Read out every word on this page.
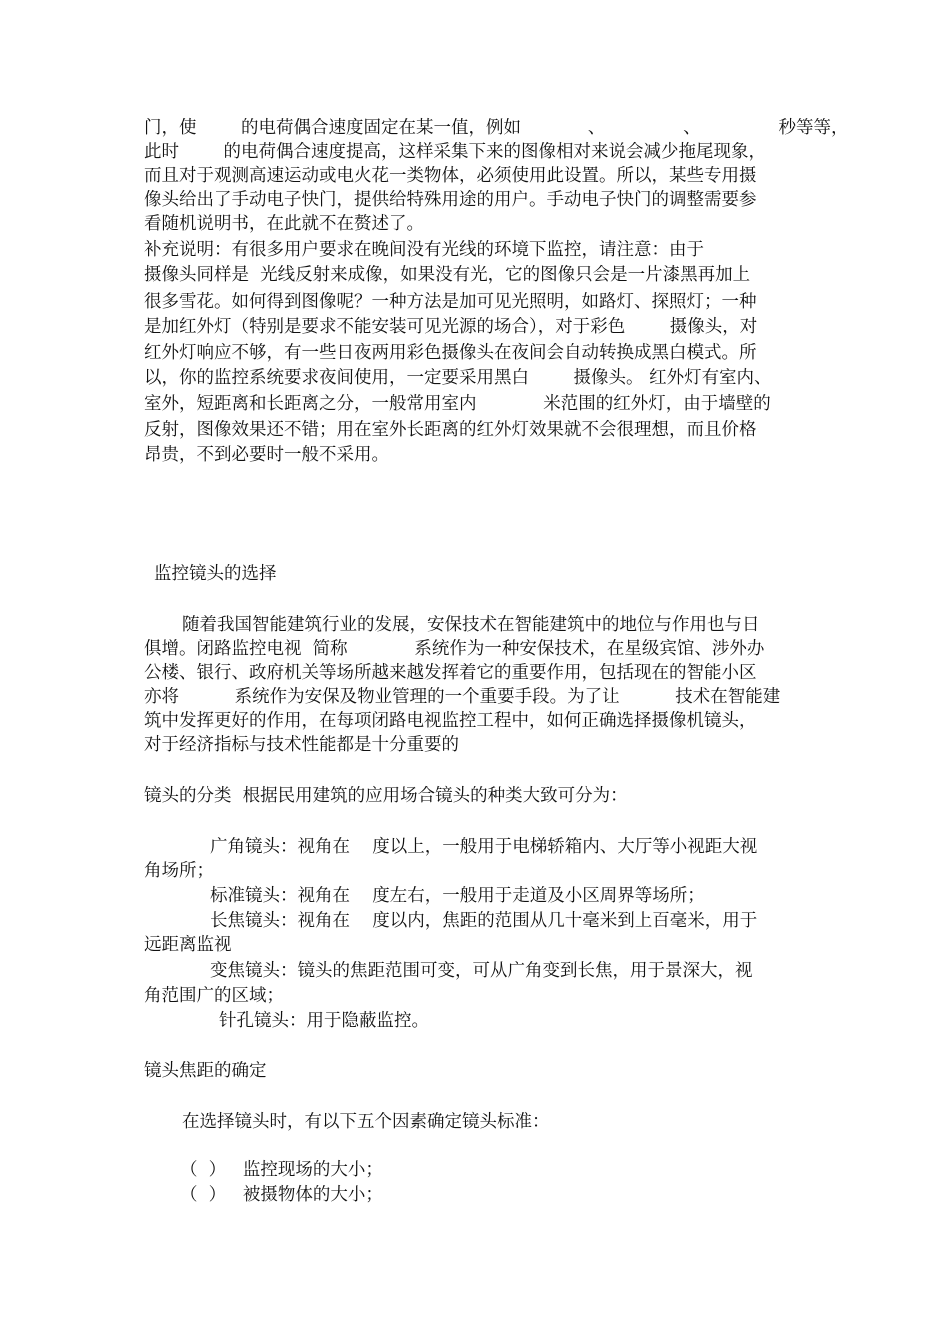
门，使        的电荷偶合速度固定在某一值，例如            、              、              秒等等，
此时        的电荷偶合速度提高，这样采集下来的图像相对来说会减少拖尾现象，
而且对于观测高速运动或电火花一类物体，必须使用此设置。所以，某些专用摄
像头给出了手动电子快门，提供给特殊用途的用户。手动电子快门的调整需要参
看随机说明书，在此就不在赘述了。
补充说明：有很多用户要求在晚间没有光线的环境下监控，请注意：由于
摄像头同样是  光线反射来成像，如果没有光，它的图像只会是一片漆黑再加上
很多雪花。如何得到图像呢？一种方法是加可见光照明，如路灯、探照灯；一种
是加红外灯（特别是要求不能安装可见光源的场合），对于彩色        摄像头，对
红外灯响应不够，有一些日夜两用彩色摄像头在夜间会自动转换成黑白模式。所
以，你的监控系统要求夜间使用，一定要采用黑白        摄像头。 红外灯有室内、
室外，短距离和长距离之分，一般常用室内            米范围的红外灯，由于墙壁的
反射，图像效果还不错；用在室外长距离的红外灯效果就不会很理想，而且价格
昂贵，不到必要时一般不采用。
监控镜头的选择
随着我国智能建筑行业的发展，安保技术在智能建筑中的地位与作用也与日
俱增。闭路监控电视  简称            系统作为一种安保技术，在星级宾馆、涉外办
公楼、银行、政府机关等场所越来越发挥着它的重要作用，包括现在的智能小区
亦将          系统作为安保及物业管理的一个重要手段。为了让          技术在智能建
筑中发挥更好的作用，在每项闭路电视监控工程中，如何正确选择摄像机镜头，
对于经济指标与技术性能都是十分重要的
镜头的分类  根据民用建筑的应用场合镜头的种类大致可分为：
广角镜头：视角在    度以上，一般用于电梯轿箱内、大厅等小视距大视
角场所；
标准镜头：视角在    度左右，一般用于走道及小区周界等场所；
长焦镜头：视角在    度以内，焦距的范围从几十毫米到上百毫米，用于
远距离监视
变焦镜头：镜头的焦距范围可变，可从广角变到长焦，用于景深大，视
角范围广的区域；
针孔镜头：用于隐蔽监控。
镜头焦距的确定
在选择镜头时，有以下五个因素确定镜头标准：
（  ）   监控现场的大小；
（  ）   被摄物体的大小；
